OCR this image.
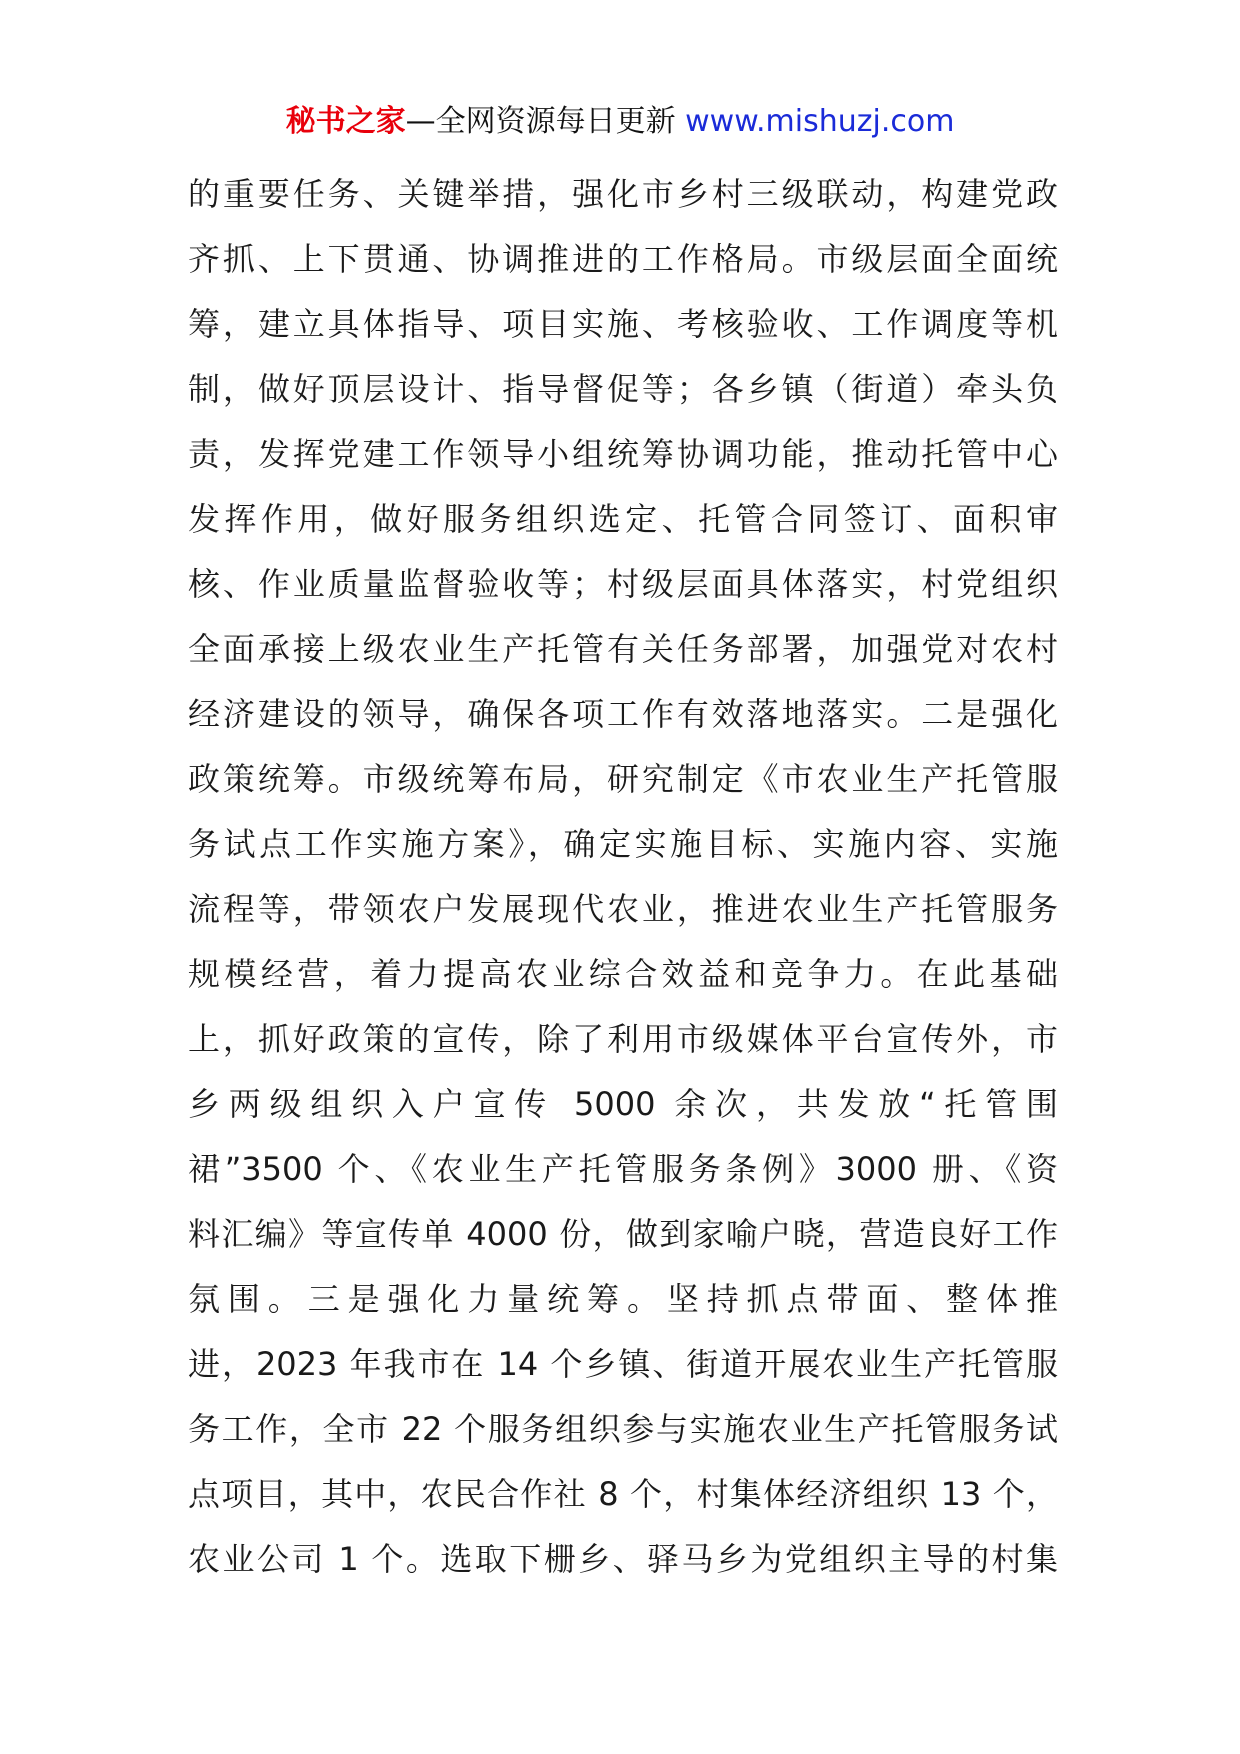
秘书之家—全网资源每日更新 www.mishuzj.com
的重要任务、关键举措，强化市乡村三级联动，构建党政
齐抓、上下贯通、协调推进的工作格局。市级层面全面统
筹，建立具体指导、项目实施、考核验收、工作调度等机
制，做好顶层设计、指导督促等；各乡镇（街道）牵头负
责，发挥党建工作领导小组统筹协调功能，推动托管中心
发挥作用，做好服务组织选定、托管合同签订、面积审
核、作业质量监督验收等；村级层面具体落实，村党组织
全面承接上级农业生产托管有关任务部署，加强党对农村
经济建设的领导，确保各项工作有效落地落实。二是强化
政策统筹。市级统筹布局，研究制定《市农业生产托管服
务试点工作实施方案》，确定实施目标、实施内容、实施
流程等，带领农户发展现代农业，推进农业生产托管服务
规模经营，着力提高农业综合效益和竞争力。在此基础
上，抓好政策的宣传，除了利用市级媒体平台宣传外，市
乡两级组织入户宣传 5000 余次，共发放“托管围
裙”3500 个、《农业生产托管服务条例》3000 册、《资
料汇编》等宣传单 4000 份，做到家喻户晓，营造良好工作
氛围。三是强化力量统筹。坚持抓点带面、整体推
进，2023 年我市在 14 个乡镇、街道开展农业生产托管服
务工作，全市 22 个服务组织参与实施农业生产托管服务试
点项目，其中，农民合作社 8 个，村集体经济组织 13 个，
农业公司 1 个。选取下栅乡、驿马乡为党组织主导的村集
